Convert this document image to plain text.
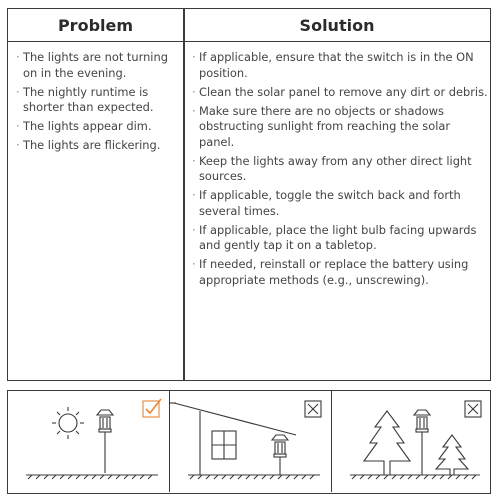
Problem	Solution
· The lights are not turning on in the evening.
· The nightly runtime is shorter than expected.
· The lights appear dim.
· The lights are flickering.
· If applicable, ensure that the switch is in the ON position.
· Clean the solar panel to remove any dirt or debris.
· Make sure there are no objects or shadows obstructing sunlight from reaching the solar panel.
· Keep the lights away from any other direct light sources.
· If applicable, toggle the switch back and forth several times.
· If applicable, place the light bulb facing upwards and gently tap it on a tabletop.
· If needed, reinstall or replace the battery using appropriate methods (e.g., unscrewing).
